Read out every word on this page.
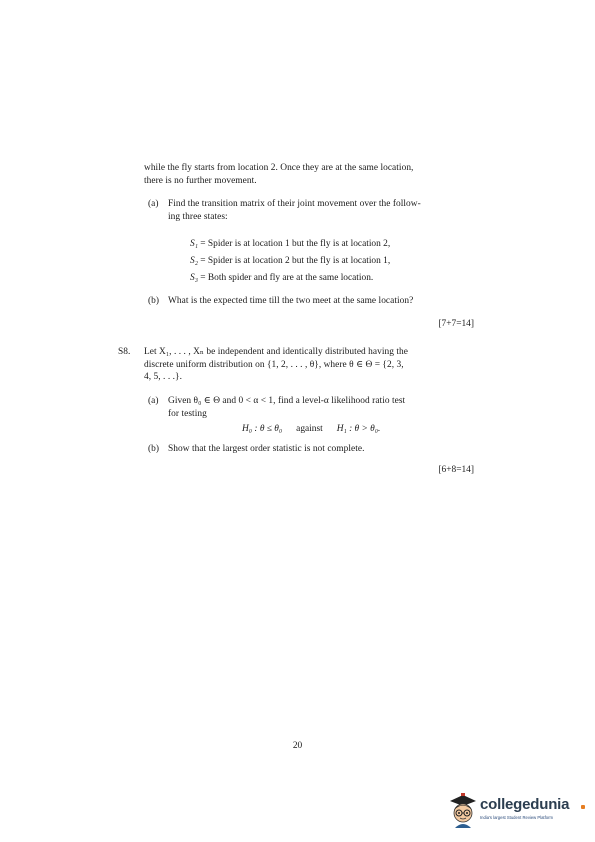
while the fly starts from location 2. Once they are at the same location,
there is no further movement.
(a) Find the transition matrix of their joint movement over the follow-
ing three states:
S₁ = Spider is at location 1 but the fly is at location 2,
S₂ = Spider is at location 2 but the fly is at location 1,
S₃ = Both spider and fly are at the same location.
(b) What is the expected time till the two meet at the same location?
[7+7=14]
S8. Let X₁, . . . , Xₙ be independent and identically distributed having the
discrete uniform distribution on {1, 2, . . . , θ}, where θ ∈ Θ = {2, 3,
4, 5, . . .}.
(a) Given θ₀ ∈ Θ and 0 < α < 1, find a level-α likelihood ratio test
for testing
H₀ : θ ≤ θ₀ against H₁ : θ > θ₀.
(b) Show that the largest order statistic is not complete.
[6+8=14]
20
collegedunia
India's largest Student Review Platform
